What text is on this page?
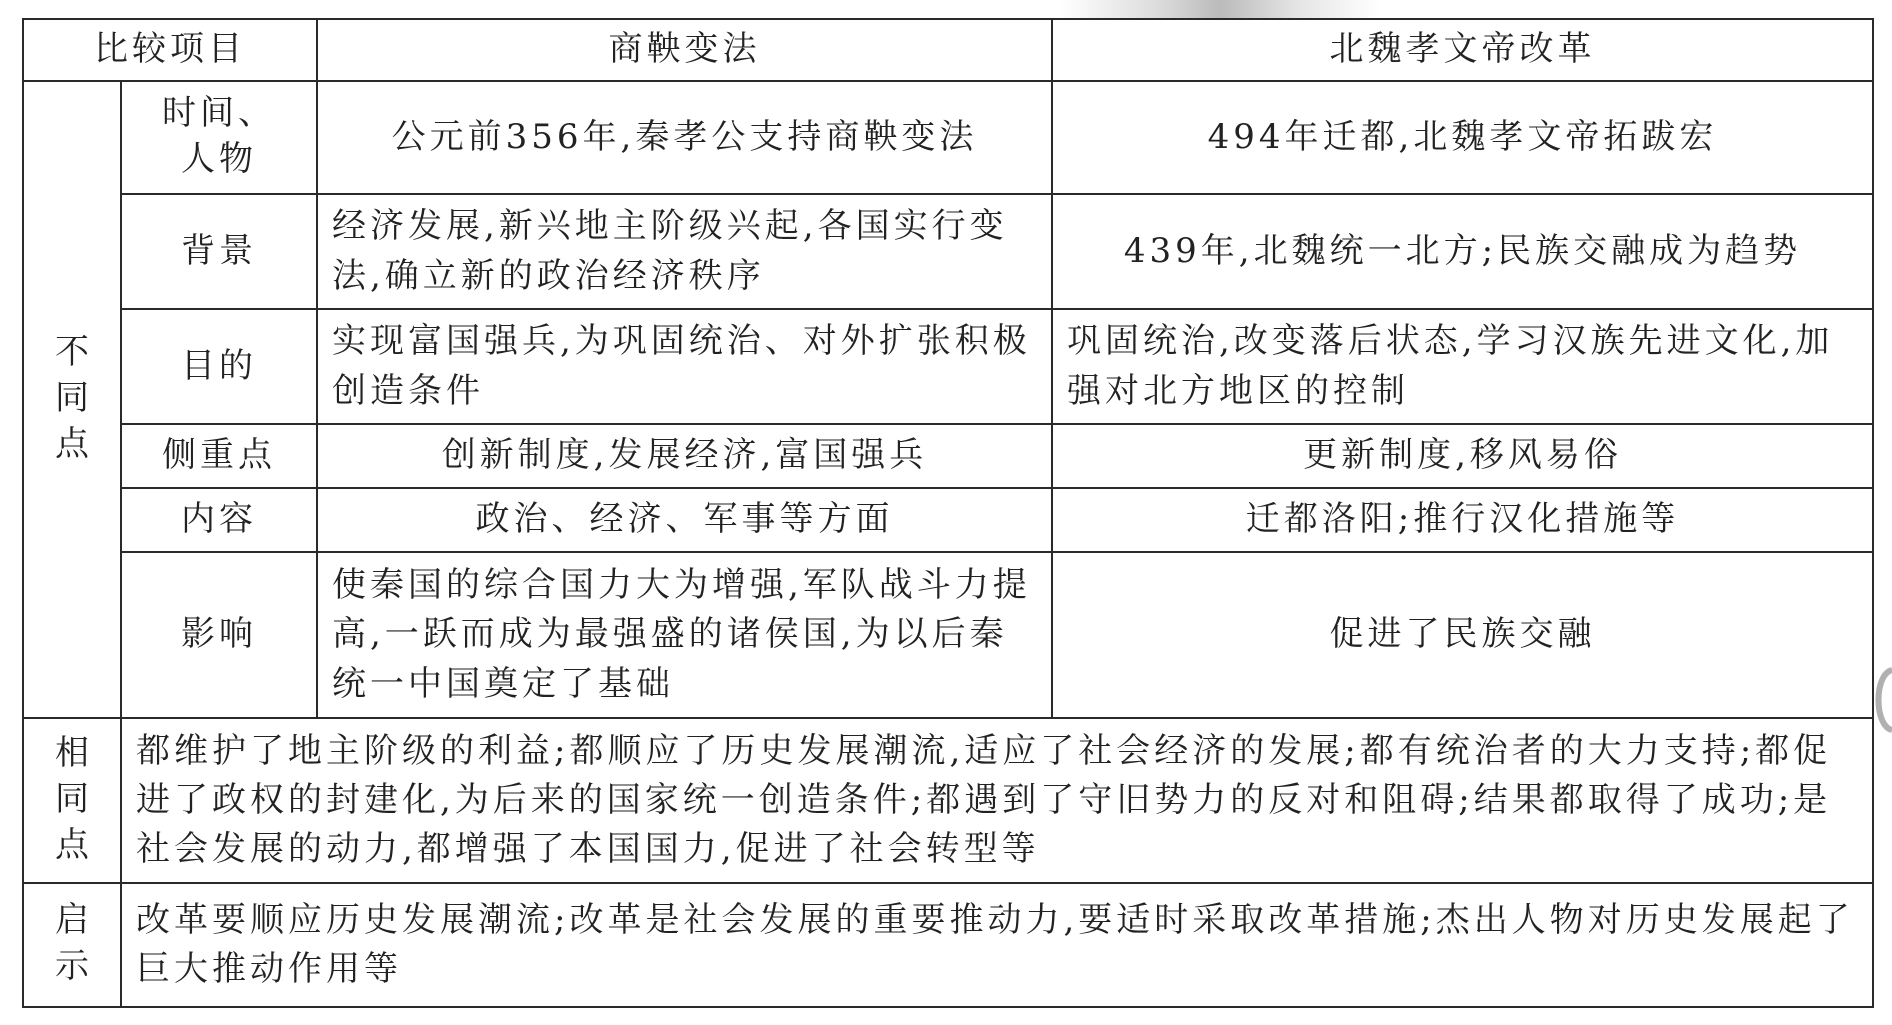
比较项目		商鞅变法	北魏孝文帝改革
不同点	时间、人物	公元前356年,秦孝公支持商鞅变法	494年迁都,北魏孝文帝拓跋宏
	背景	经济发展,新兴地主阶级兴起,各国实行变法,确立新的政治经济秩序	439年,北魏统一北方;民族交融成为趋势
	目的	实现富国强兵,为巩固统治、对外扩张积极创造条件	巩固统治,改变落后状态,学习汉族先进文化,加强对北方地区的控制
	侧重点	创新制度,发展经济,富国强兵	更新制度,移风易俗
	内容	政治、经济、军事等方面	迁都洛阳;推行汉化措施等
	影响	使秦国的综合国力大为增强,军队战斗力提高,一跃而成为最强盛的诸侯国,为以后秦统一中国奠定了基础	促进了民族交融
相同点	都维护了地主阶级的利益;都顺应了历史发展潮流,适应了社会经济的发展;都有统治者的大力支持;都促进了政权的封建化,为后来的国家统一创造条件;都遇到了守旧势力的反对和阻碍;结果都取得了成功;是社会发展的动力,都增强了本国国力,促进了社会转型等		
启示	改革要顺应历史发展潮流;改革是社会发展的重要推动力,要适时采取改革措施;杰出人物对历史发展起了巨大推动作用等		
